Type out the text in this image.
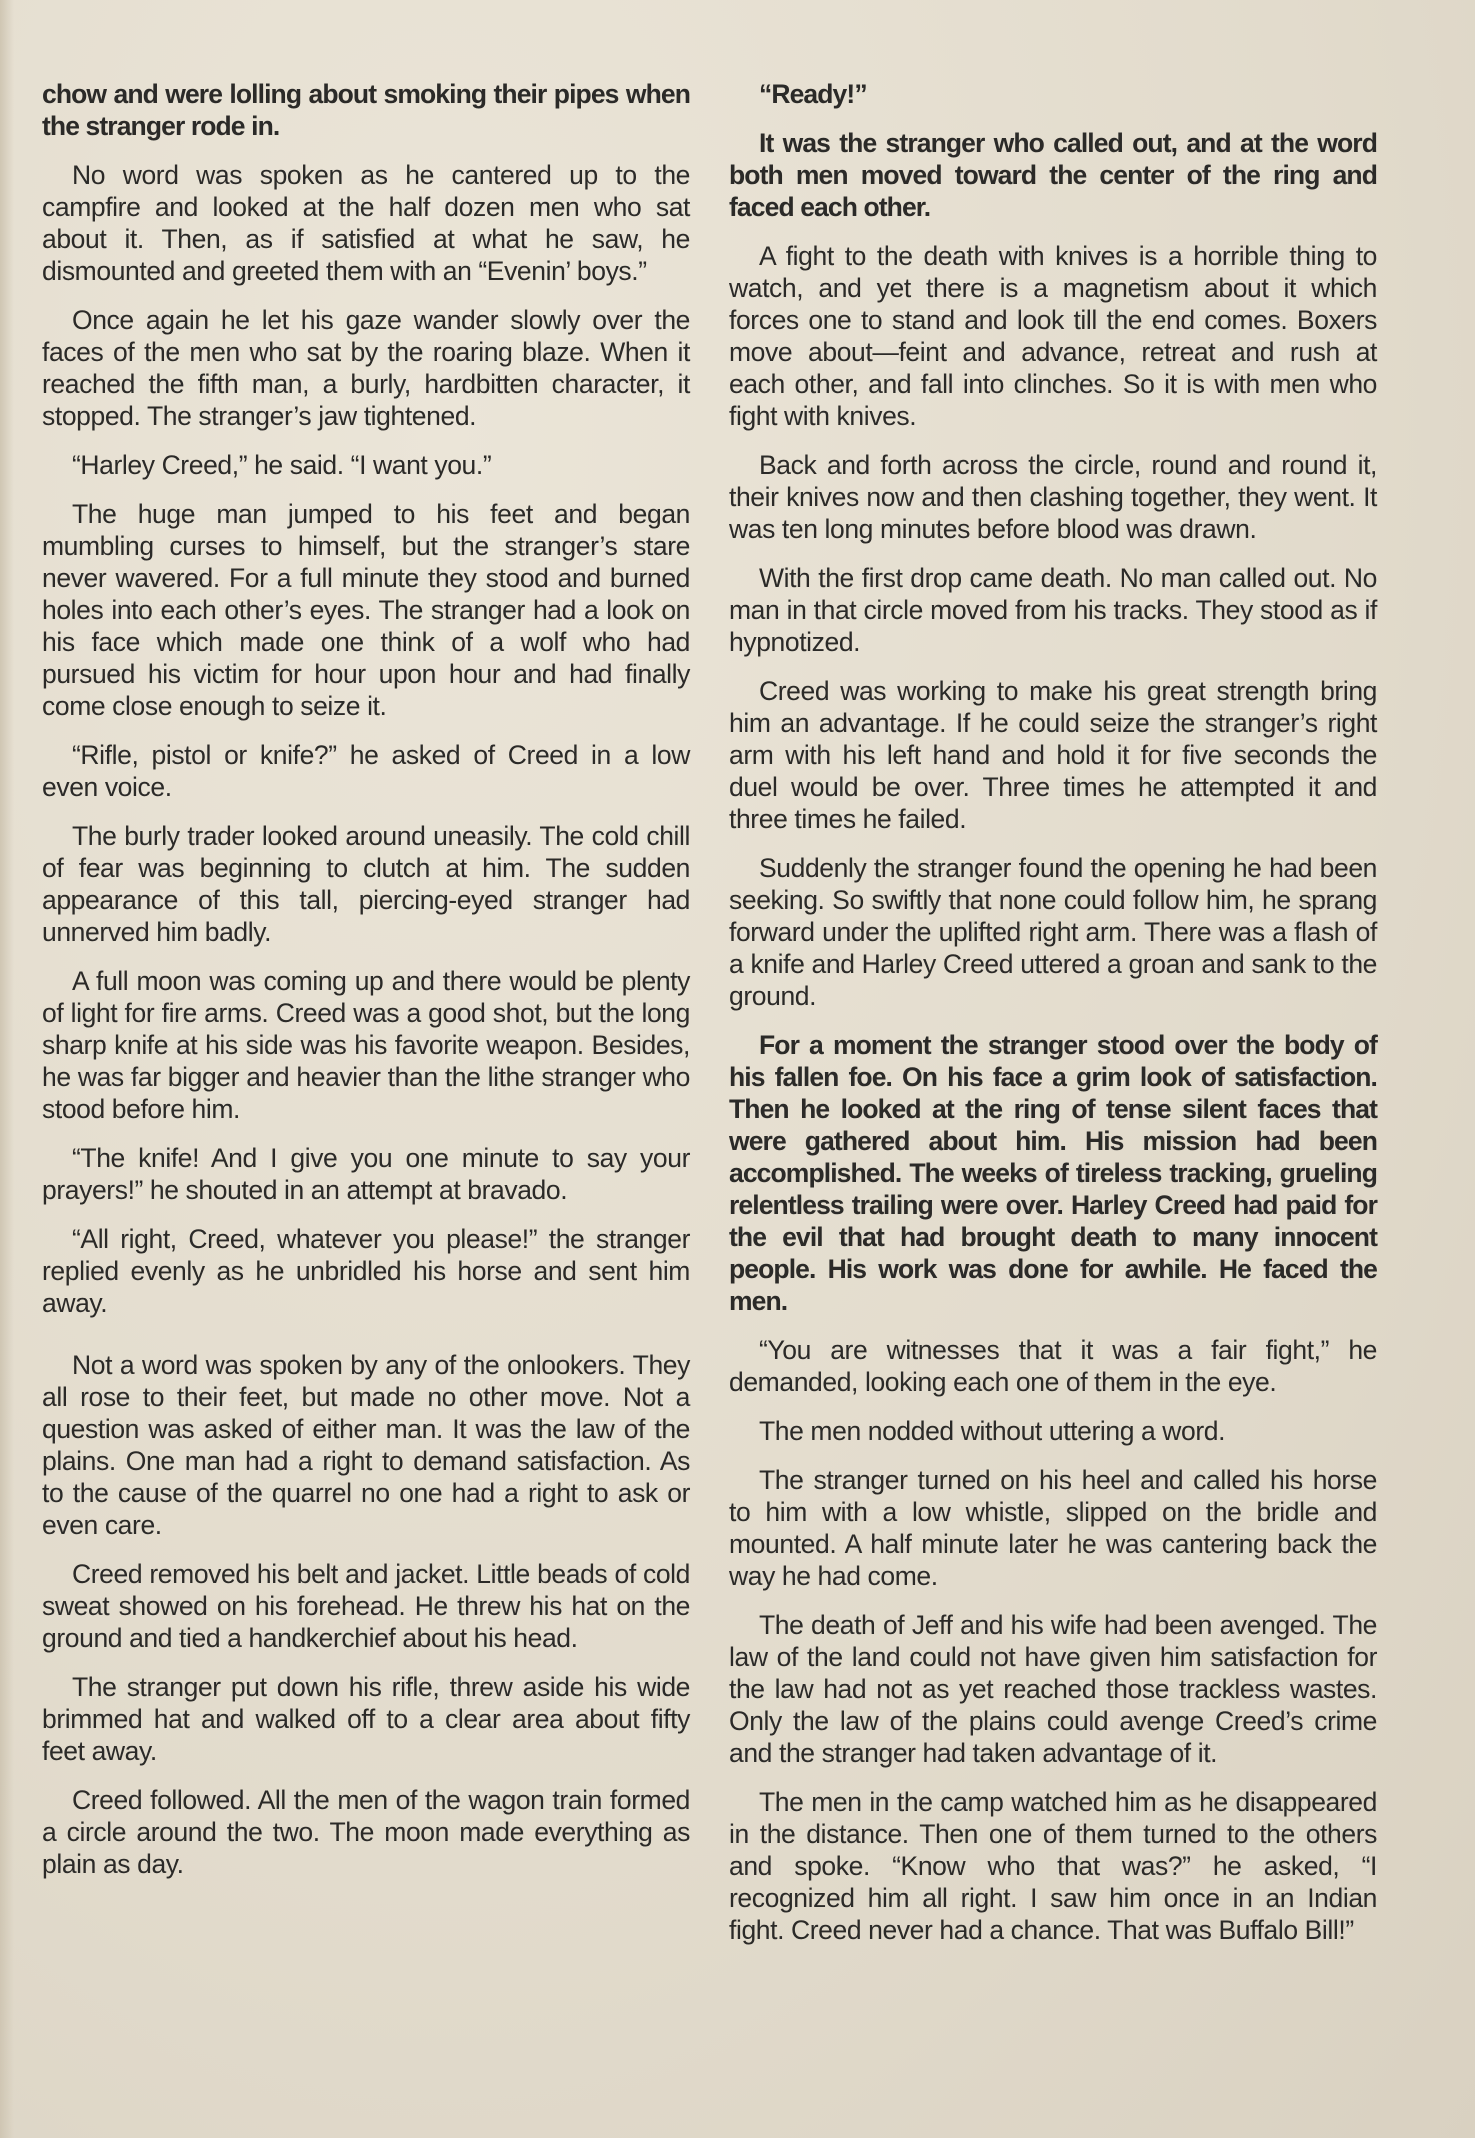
chow and were lolling about smoking their pipes when the stranger rode in.

No word was spoken as he cantered up to the campfire and looked at the half dozen men who sat about it. Then, as if satisfied at what he saw, he dismounted and greeted them with an “Evenin’ boys.”

Once again he let his gaze wander slowly over the faces of the men who sat by the roaring blaze. When it reached the fifth man, a burly, hardbitten character, it stopped. The stranger’s jaw tightened.

“Harley Creed,” he said. “I want you.”

The huge man jumped to his feet and began mumbling curses to himself, but the stranger’s stare never wavered. For a full minute they stood and burned holes into each other’s eyes. The stranger had a look on his face which made one think of a wolf who had pursued his victim for hour upon hour and had finally come close enough to seize it.

“Rifle, pistol or knife?” he asked of Creed in a low even voice.

The burly trader looked around uneasily. The cold chill of fear was beginning to clutch at him. The sudden appearance of this tall, piercing-eyed stranger had unnerved him badly.

A full moon was coming up and there would be plenty of light for fire arms. Creed was a good shot, but the long sharp knife at his side was his favorite weapon. Besides, he was far bigger and heavier than the lithe stranger who stood before him.

“The knife! And I give you one minute to say your prayers!” he shouted in an attempt at bravado.

“All right, Creed, whatever you please!” the stranger replied evenly as he unbridled his horse and sent him away.

Not a word was spoken by any of the onlookers. They all rose to their feet, but made no other move. Not a question was asked of either man. It was the law of the plains. One man had a right to demand satisfaction. As to the cause of the quarrel no one had a right to ask or even care.

Creed removed his belt and jacket. Little beads of cold sweat showed on his forehead. He threw his hat on the ground and tied a handkerchief about his head.

The stranger put down his rifle, threw aside his wide brimmed hat and walked off to a clear area about fifty feet away.

Creed followed. All the men of the wagon train formed a circle around the two. The moon made everything as plain as day.

“Ready!”

It was the stranger who called out, and at the word both men moved toward the center of the ring and faced each other.

A fight to the death with knives is a horrible thing to watch, and yet there is a magnetism about it which forces one to stand and look till the end comes. Boxers move about—feint and advance, retreat and rush at each other, and fall into clinches. So it is with men who fight with knives.

Back and forth across the circle, round and round it, their knives now and then clashing together, they went. It was ten long minutes before blood was drawn.

With the first drop came death. No man called out. No man in that circle moved from his tracks. They stood as if hypnotized.

Creed was working to make his great strength bring him an advantage. If he could seize the stranger’s right arm with his left hand and hold it for five seconds the duel would be over. Three times he attempted it and three times he failed.

Suddenly the stranger found the opening he had been seeking. So swiftly that none could follow him, he sprang forward under the uplifted right arm. There was a flash of a knife and Harley Creed uttered a groan and sank to the ground.

For a moment the stranger stood over the body of his fallen foe. On his face a grim look of satisfaction. Then he looked at the ring of tense silent faces that were gathered about him. His mission had been accomplished. The weeks of tireless tracking, grueling relentless trailing were over. Harley Creed had paid for the evil that had brought death to many innocent people. His work was done for awhile. He faced the men.

“You are witnesses that it was a fair fight,” he demanded, looking each one of them in the eye.

The men nodded without uttering a word.

The stranger turned on his heel and called his horse to him with a low whistle, slipped on the bridle and mounted. A half minute later he was cantering back the way he had come.

The death of Jeff and his wife had been avenged. The law of the land could not have given him satisfaction for the law had not as yet reached those trackless wastes. Only the law of the plains could avenge Creed’s crime and the stranger had taken advantage of it.

The men in the camp watched him as he disappeared in the distance. Then one of them turned to the others and spoke. “Know who that was?” he asked, “I recognized him all right. I saw him once in an Indian fight. Creed never had a chance. That was Buffalo Bill!”
